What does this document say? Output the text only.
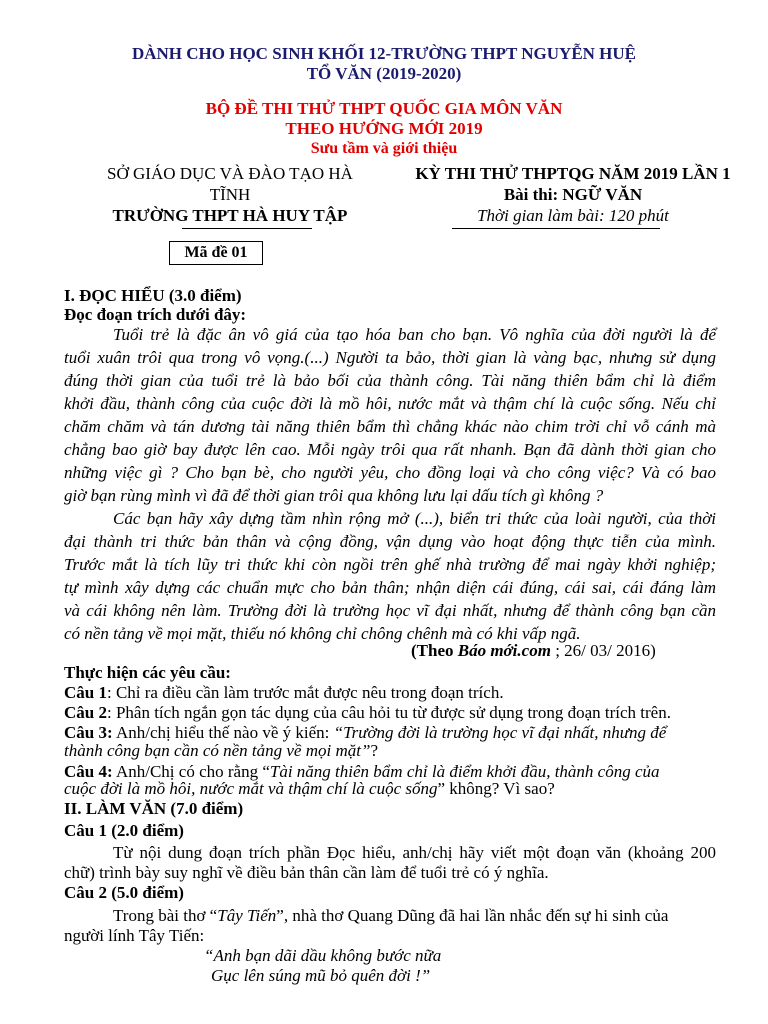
DÀNH CHO HỌC SINH KHỐI 12-TRƯỜNG THPT NGUYỄN HUỆ
TỔ VĂN (2019-2020)
BỘ ĐỀ THI THỬ THPT QUỐC GIA MÔN VĂN
THEO HƯỚNG MỚI 2019
Sưu tầm và giới thiệu
SỞ GIÁO DỤC VÀ ĐÀO TẠO HÀ
TĨNH
TRƯỜNG THPT HÀ HUY TẬP
KỲ THI THỬ THPTQG NĂM 2019 LẦN 1
Bài thi: NGỮ VĂN
Thời gian làm bài: 120 phút
Mã đề 01
I. ĐỌC HIỂU (3.0 điểm)
Đọc đoạn trích dưới đây:
Tuổi trẻ là đặc ân vô giá của tạo hóa ban cho bạn. Vô nghĩa của đời người là để
tuổi xuân trôi qua trong vô vọng.(...) Người ta bảo, thời gian là vàng bạc, nhưng sử dụng
đúng thời gian của tuổi trẻ là bảo bối của thành công. Tài năng thiên bẩm chỉ là điểm
khởi đầu, thành công của cuộc đời là mồ hôi, nước mắt và thậm chí là cuộc sống. Nếu chỉ
chăm chăm và tán dương tài năng thiên bẩm thì chẳng khác nào chim trời chỉ vỗ cánh mà
chẳng bao giờ bay được lên cao. Mỗi ngày trôi qua rất nhanh. Bạn đã dành thời gian cho
những việc gì ? Cho bạn bè, cho người yêu, cho đồng loại và cho công việc? Và có bao
giờ bạn rùng mình vì đã để thời gian trôi qua không lưu lại dấu tích gì không ?
Các bạn hãy xây dựng tầm nhìn rộng mở (...), biển tri thức của loài người, của thời
đại thành tri thức bản thân và cộng đồng, vận dụng vào hoạt động thực tiễn của mình.
Trước mắt là tích lũy tri thức khi còn ngồi trên ghế nhà trường để mai ngày khởi nghiệp;
tự mình xây dựng các chuẩn mực cho bản thân; nhận diện cái đúng, cái sai, cái đáng làm
và cái không nên làm. Trường đời là trường học vĩ đại nhất, nhưng để thành công bạn cần
có nền tảng về mọi mặt, thiếu nó không chỉ chông chênh mà có khi vấp ngã.
(Theo Báo mới.com ; 26/ 03/ 2016)
Thực hiện các yêu cầu:
Câu 1: Chỉ ra điều cần làm trước mắt được nêu trong đoạn trích.
Câu 2: Phân tích ngắn gọn tác dụng của câu hỏi tu từ được sử dụng trong đoạn trích trên.
Câu 3: Anh/chị hiểu thế nào về ý kiến: “Trường đời là trường học vĩ đại nhất, nhưng để
thành công bạn cần có nền tảng về mọi mặt”?
Câu 4: Anh/Chị có cho rằng “Tài năng thiên bẩm chỉ là điểm khởi đầu, thành công của
cuộc đời là mồ hôi, nước mắt và thậm chí là cuộc sống” không? Vì sao?
II. LÀM VĂN (7.0 điểm)
Câu 1 (2.0 điểm)
Từ nội dung đoạn trích phần Đọc hiểu, anh/chị hãy viết một đoạn văn (khoảng 200
chữ) trình bày suy nghĩ về điều bản thân cần làm để tuổi trẻ có ý nghĩa.
Câu 2 (5.0 điểm)
Trong bài thơ “Tây Tiến”, nhà thơ Quang Dũng đã hai lần nhắc đến sự hi sinh của
người lính Tây Tiến:
“Anh bạn dãi dầu không bước nữa
Gục lên súng mũ bỏ quên đời !”
